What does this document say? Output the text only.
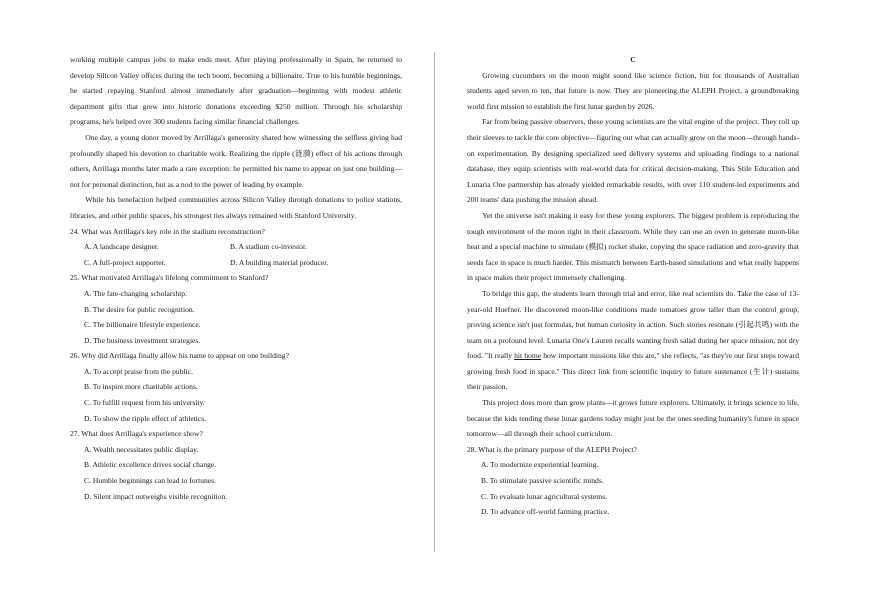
working multiple campus jobs to make ends meet. After playing professionally in Spain, he returned to develop Silicon Valley offices during the tech boom, becoming a billionaire. True to his humble beginnings, he started repaying Stanford almost immediately after graduation—beginning with modest athletic department gifts that grew into historic donations exceeding $250 million. Through his scholarship programs, he's helped over 300 students facing similar financial challenges.

One day, a young donor moved by Arrillaga's generosity shared how witnessing the selfless giving had profoundly shaped his devotion to charitable work. Realizing the ripple (涟漪) effect of his actions through others, Arrillaga months later made a rare exception: he permitted his name to appear on just one building—not for personal distinction, but as a nod to the power of leading by example.

While his benefaction helped communities across Silicon Valley through donations to police stations, libraries, and other public spaces, his strongest ties always remained with Stanford University.

24. What was Arrillaga's key role in the stadium reconstruction?
A. A landscape designer.	B. A stadium co-investor.
C. A full-project supporter.	D. A building material producer.
25. What motivated Arrillaga's lifelong commitment to Stanford?
A. The fate-changing scholarship.
B. The desire for public recognition.
C. The billionaire lifestyle experience.
D. The business investment strategies.
26. Why did Arrillaga finally allow his name to appear on one building?
A. To accept praise from the public.
B. To inspire more charitable actions.
C. To fulfill request from his university.
D. To show the ripple effect of athletics.
27. What does Arrillaga's experience show?
A. Wealth necessitates public display.
B. Athletic excellence drives social change.
C. Humble beginnings can lead to fortunes.
D. Silent impact outweighs visible recognition.
C

Growing cucumbers on the moon might sound like science fiction, but for thousands of Australian students aged seven to ten, that future is now. They are pioneering the ALEPH Project, a groundbreaking world first mission to establish the first lunar garden by 2026.

Far from being passive observers, these young scientists are the vital engine of the project. They roll up their sleeves to tackle the core objective—figuring out what can actually grow on the moon—through hands-on experimentation. By designing specialized seed delivery systems and uploading findings to a national database, they equip scientists with real-world data for critical decision-making. This Stile Education and Lunaria One partnership has already yielded remarkable results, with over 110 student-led experiments and 200 teams' data pushing the mission ahead.

Yet the universe isn't making it easy for these young explorers. The biggest problem is reproducing the tough environment of the moon right in their classroom. While they can use an oven to generate moon-like heat and a special machine to simulate (模拟) rocket shake, copying the space radiation and zero-gravity that seeds face in space is much harder. This mismatch between Earth-based simulations and what really happens in space makes their project immensely challenging.

To bridge this gap, the students learn through trial and error, like real scientists do. Take the case of 13-year-old Huefner. He discovered moon-like conditions made tomatoes grow taller than the control group, proving science isn't just formulas, but human curiosity in action. Such stories resonate (引起共鸣) with the team on a profound level. Lunaria One's Lauren recalls wanting fresh salad during her space mission, not dry food. "It really hit home how important missions like this are," she reflects, "as they're our first steps toward growing fresh food in space." This direct link from scientific inquiry to future sustenance (生计) sustains their passion.

This project does more than grow plants—it grows future explorers. Ultimately, it brings science to life, because the kids tending these lunar gardens today might just be the ones seeding humanity's future in space tomorrow—all through their school curriculum.

28. What is the primary purpose of the ALEPH Project?
A. To modernize experiential learning.
B. To stimulate passive scientific minds.
C. To evaluate lunar agricultural systems.
D. To advance off-world farming practice.
